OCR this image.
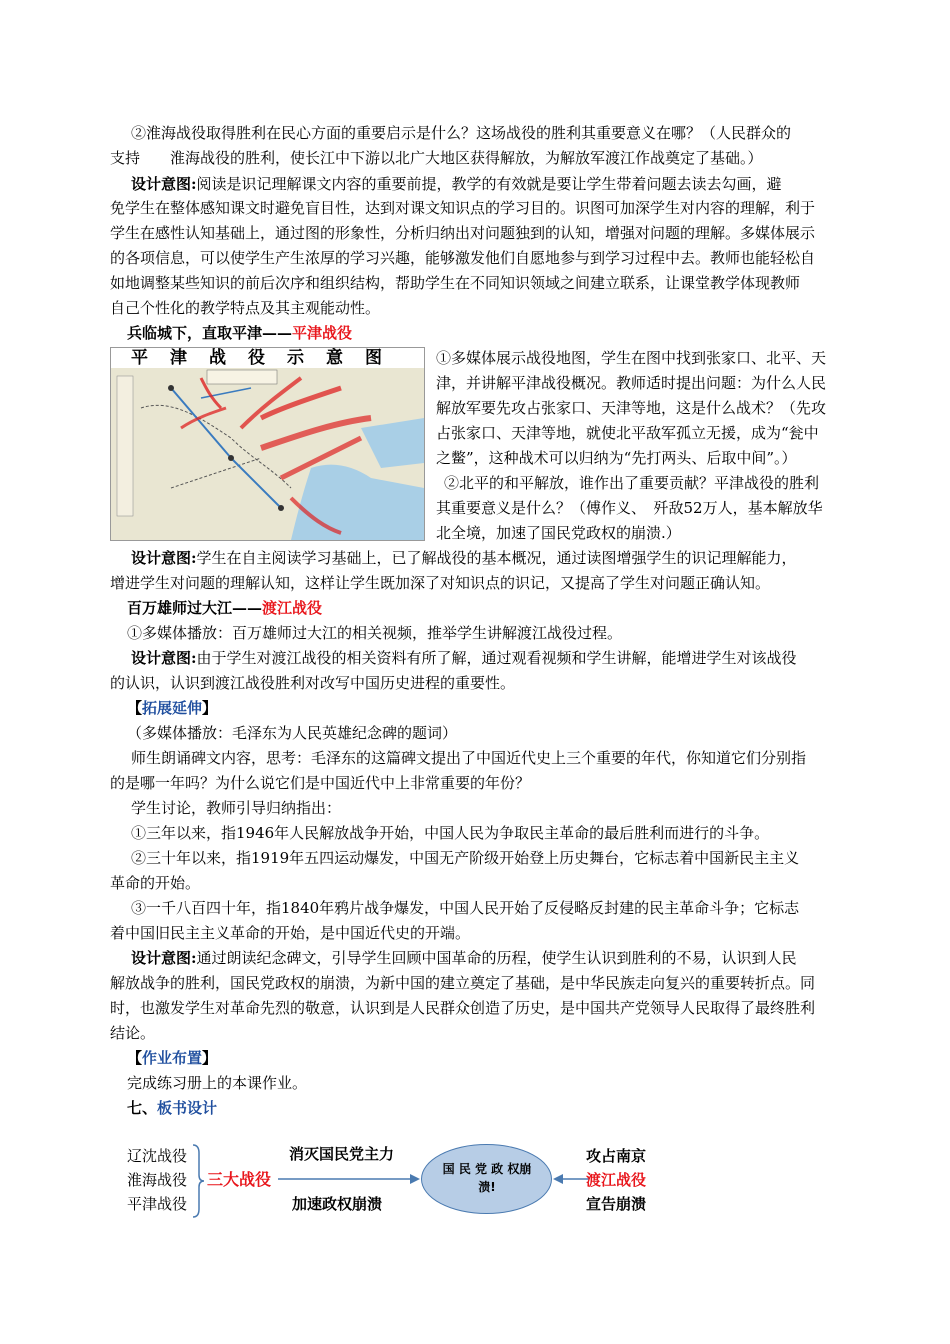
②淮海战役取得胜利在民心方面的重要启示是什么？这场战役的胜利其重要意义在哪？（人民群众的
支持　　淮海战役的胜利，使长江中下游以北广大地区获得解放，为解放军渡江作战奠定了基础。）
设计意图:阅读是识记理解课文内容的重要前提，教学的有效就是要让学生带着问题去读去勾画，避
免学生在整体感知课文时避免盲目性，达到对课文知识点的学习目的。识图可加深学生对内容的理解，利于
学生在感性认知基础上，通过图的形象性，分析归纳出对问题独到的认知，增强对问题的理解。多媒体展示
的各项信息，可以使学生产生浓厚的学习兴趣，能够激发他们自愿地参与到学习过程中去。教师也能轻松自
如地调整某些知识的前后次序和组织结构，帮助学生在不同知识领域之间建立联系，让课堂教学体现教师
自己个性化的教学特点及其主观能动性。
兵临城下，直取平津——平津战役
平津战役示意图	①多媒体展示战役地图，学生在图中找到张家口、北平、天
津，并讲解平津战役概况。教师适时提出问题：为什么人民
解放军要先攻占张家口、天津等地，这是什么战术？（先攻
占张家口、天津等地，就使北平敌军孤立无援，成为“瓮中
之鳖”，这种战术可以归纳为“先打两头、后取中间”。）
②北平的和平解放，谁作出了重要贡献？平津战役的胜利
其重要意义是什么？（傅作义、　歼敌52万人，基本解放华
北全境，加速了国民党政权的崩溃.）
设计意图:学生在自主阅读学习基础上，已了解战役的基本概况，通过读图增强学生的识记理解能力，
增进学生对问题的理解认知，这样让学生既加深了对知识点的识记，又提高了学生对问题正确认知。
百万雄师过大江——渡江战役
①多媒体播放：百万雄师过大江的相关视频，推举学生讲解渡江战役过程。
设计意图:由于学生对渡江战役的相关资料有所了解，通过观看视频和学生讲解，能增进学生对该战役
的认识，认识到渡江战役胜利对改写中国历史进程的重要性。
【拓展延伸】
（多媒体播放：毛泽东为人民英雄纪念碑的题词）
师生朗诵碑文内容，思考：毛泽东的这篇碑文提出了中国近代史上三个重要的年代，你知道它们分别指
的是哪一年吗？为什么说它们是中国近代中上非常重要的年份？
学生讨论，教师引导归纳指出：
①三年以来，指1946年人民解放战争开始，中国人民为争取民主革命的最后胜利而进行的斗争。
②三十年以来，指1919年五四运动爆发，中国无产阶级开始登上历史舞台，它标志着中国新民主主义
革命的开始。
③一千八百四十年，指1840年鸦片战争爆发，中国人民开始了反侵略反封建的民主革命斗争；它标志
着中国旧民主主义革命的开始，是中国近代史的开端。
设计意图:通过朗读纪念碑文，引导学生回顾中国革命的历程，使学生认识到胜利的不易，认识到人民
解放战争的胜利，国民党政权的崩溃，为新中国的建立奠定了基础，是中华民族走向复兴的重要转折点。同
时，也激发学生对革命先烈的敬意，认识到是人民群众创造了历史，是中国共产党领导人民取得了最终胜利
结论。
【作业布置】
完成练习册上的本课作业。
七、板书设计
辽沈战役
淮海战役
平津战役
三大战役
消灭国民党主力
加速政权崩溃
国 民 党 政 权崩溃!
攻占南京
渡江战役
宣告崩溃
